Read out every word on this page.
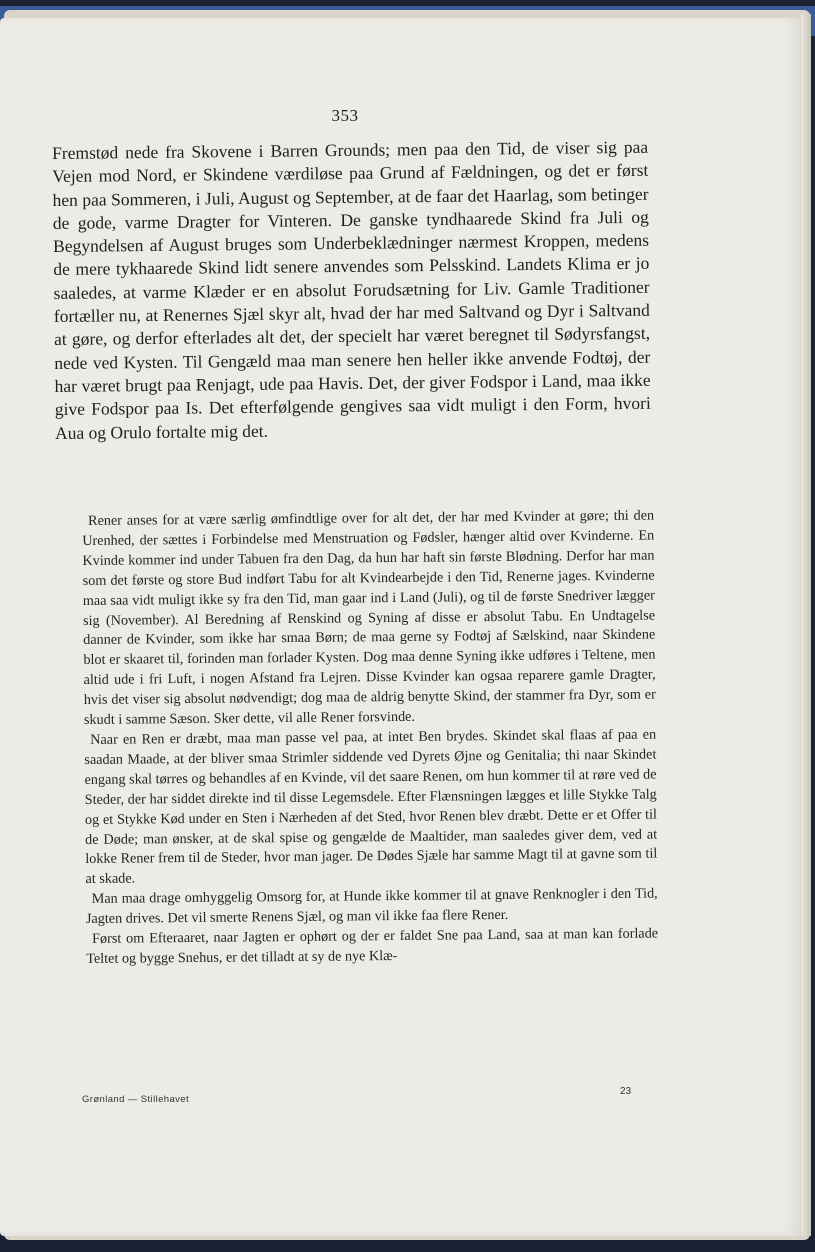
353

Fremstød nede fra Skovene i Barren Grounds; men paa den Tid, de viser sig paa Vejen mod Nord, er Skindene værdiløse paa Grund af Fældningen, og det er først hen paa Sommeren, i Juli, August og September, at de faar det Haarlag, som betinger de gode, varme Dragter for Vinteren. De ganske tyndhaarede Skind fra Juli og Begyndelsen af August bruges som Underbeklædninger nærmest Kroppen, medens de mere tykhaarede Skind lidt senere anvendes som Pelsskind. Landets Klima er jo saaledes, at varme Klæder er en absolut Forudsætning for Liv. Gamle Traditioner fortæller nu, at Renernes Sjæl skyr alt, hvad der har med Saltvand og Dyr i Saltvand at gøre, og derfor efterlades alt det, der specielt har været beregnet til Sødyrsfangst, nede ved Kysten. Til Gengæld maa man senere hen heller ikke anvende Fodtøj, der har været brugt paa Renjagt, ude paa Havis. Det, der giver Fodspor i Land, maa ikke give Fodspor paa Is. Det efterfølgende gengives saa vidt muligt i den Form, hvori Aua og Orulo fortalte mig det.

Rener anses for at være særlig ømfindtlige over for alt det, der har med Kvinder at gøre; thi den Urenhed, der sættes i Forbindelse med Menstruation og Fødsler, hænger altid over Kvinderne. En Kvinde kommer ind under Tabuen fra den Dag, da hun har haft sin første Blødning. Derfor har man som det første og store Bud indført Tabu for alt Kvindearbejde i den Tid, Renerne jages. Kvinderne maa saa vidt muligt ikke sy fra den Tid, man gaar ind i Land (Juli), og til de første Snedriver lægger sig (November). Al Beredning af Renskind og Syning af disse er absolut Tabu. En Undtagelse danner de Kvinder, som ikke har smaa Børn; de maa gerne sy Fodtøj af Sælskind, naar Skindene blot er skaaret til, forinden man forlader Kysten. Dog maa denne Syning ikke udføres i Teltene, men altid ude i fri Luft, i nogen Afstand fra Lejren. Disse Kvinder kan ogsaa reparere gamle Dragter, hvis det viser sig absolut nødvendigt; dog maa de aldrig benytte Skind, der stammer fra Dyr, som er skudt i samme Sæson. Sker dette, vil alle Rener forsvinde.

Naar en Ren er dræbt, maa man passe vel paa, at intet Ben brydes. Skindet skal flaas af paa en saadan Maade, at der bliver smaa Strimler siddende ved Dyrets Øjne og Genitalia; thi naar Skindet engang skal tørres og behandles af en Kvinde, vil det saare Renen, om hun kommer til at røre ved de Steder, der har siddet direkte ind til disse Legemsdele. Efter Flænsningen lægges et lille Stykke Talg og et Stykke Kød under en Sten i Nærheden af det Sted, hvor Renen blev dræbt. Dette er et Offer til de Døde; man ønsker, at de skal spise og gengælde de Maaltider, man saaledes giver dem, ved at lokke Rener frem til de Steder, hvor man jager. De Dødes Sjæle har samme Magt til at gavne som til at skade.

Man maa drage omhyggelig Omsorg for, at Hunde ikke kommer til at gnave Renknogler i den Tid, Jagten drives. Det vil smerte Renens Sjæl, og man vil ikke faa flere Rener.

Først om Efteraaret, naar Jagten er ophørt og der er faldet Sne paa Land, saa at man kan forlade Teltet og bygge Snehus, er det tilladt at sy de nye Klæ-

Grønland — Stillehavet
23
